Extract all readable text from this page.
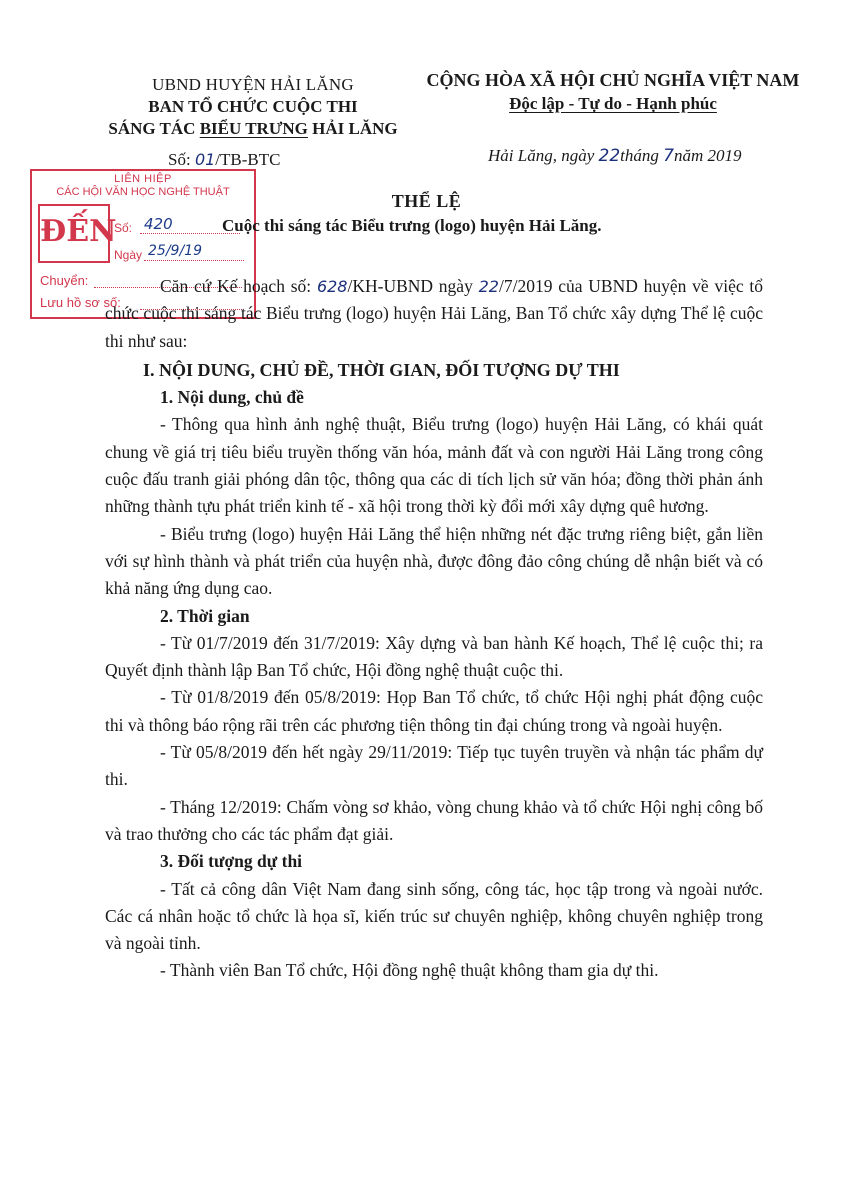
UBND HUYỆN HẢI LĂNG
BAN TỔ CHỨC CUỘC THI
SÁNG TÁC BIỂU TRƯNG HẢI LĂNG
CỘNG HÒA XÃ HỘI CHỦ NGHĨA VIỆT NAM
Độc lập - Tự do - Hạnh phúc
Số: 01/TB-BTC	Hải Lăng, ngày 22tháng 7năm 2019
LIÊN HIỆP
CÁC HỘI VĂN HỌC NGHỆ THUẬT
ĐẾN
Số: 420
Ngày 25/9/19
Chuyển:
Lưu hồ sơ số:
THỂ LỆ
Cuộc thi sáng tác Biểu trưng (logo) huyện Hải Lăng.

Căn cứ Kế hoạch số: 628/KH-UBND ngày 22/7/2019 của UBND huyện về việc tổ chức cuộc thi sáng tác Biểu trưng (logo) huyện Hải Lăng, Ban Tổ chức xây dựng Thể lệ cuộc thi như sau:

I. NỘI DUNG, CHỦ ĐỀ, THỜI GIAN, ĐỐI TƯỢNG DỰ THI

1. Nội dung, chủ đề

- Thông qua hình ảnh nghệ thuật, Biểu trưng (logo) huyện Hải Lăng, có khái quát chung về giá trị tiêu biểu truyền thống văn hóa, mảnh đất và con người Hải Lăng trong công cuộc đấu tranh giải phóng dân tộc, thông qua các di tích lịch sử văn hóa; đồng thời phản ánh những thành tựu phát triển kinh tế - xã hội trong thời kỳ đổi mới xây dựng quê hương.

- Biểu trưng (logo) huyện Hải Lăng thể hiện những nét đặc trưng riêng biệt, gắn liền với sự hình thành và phát triển của huyện nhà, được đông đảo công chúng dễ nhận biết và có khả năng ứng dụng cao.

2. Thời gian

- Từ 01/7/2019 đến 31/7/2019: Xây dựng và ban hành Kế hoạch, Thể lệ cuộc thi; ra Quyết định thành lập Ban Tổ chức, Hội đồng nghệ thuật cuộc thi.

- Từ 01/8/2019 đến 05/8/2019: Họp Ban Tổ chức, tổ chức Hội nghị phát động cuộc thi và thông báo rộng rãi trên các phương tiện thông tin đại chúng trong và ngoài huyện.

- Từ 05/8/2019 đến hết ngày 29/11/2019: Tiếp tục tuyên truyền và nhận tác phẩm dự thi.

- Tháng 12/2019: Chấm vòng sơ khảo, vòng chung khảo và tổ chức Hội nghị công bố và trao thưởng cho các tác phẩm đạt giải.

3. Đối tượng dự thi

- Tất cả công dân Việt Nam đang sinh sống, công tác, học tập trong và ngoài nước. Các cá nhân hoặc tổ chức là họa sĩ, kiến trúc sư chuyên nghiệp, không chuyên nghiệp trong và ngoài tỉnh.

- Thành viên Ban Tổ chức, Hội đồng nghệ thuật không tham gia dự thi.
